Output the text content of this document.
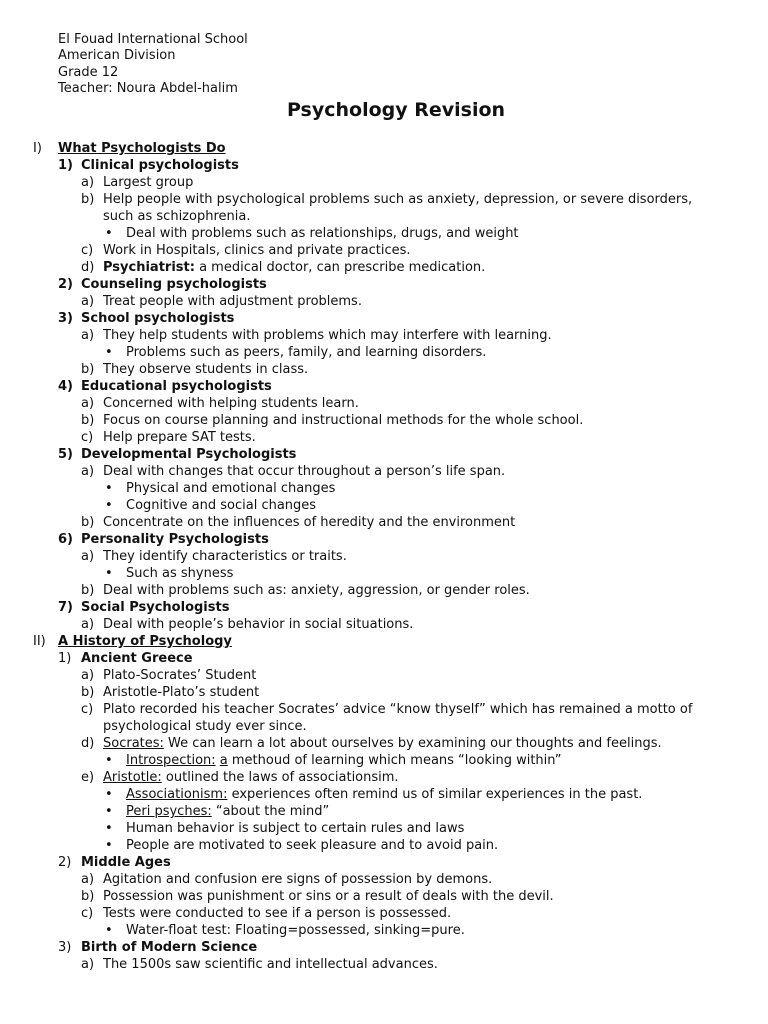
El Fouad International School
American Division
Grade 12
Teacher: Noura Abdel-halim
Psychology Revision
I) What Psychologists Do
1) Clinical psychologists
a) Largest group
b) Help people with psychological problems such as anxiety, depression, or severe disorders,
such as schizophrenia.
• Deal with problems such as relationships, drugs, and weight
c) Work in Hospitals, clinics and private practices.
d) Psychiatrist: a medical doctor, can prescribe medication.
2) Counseling psychologists
a) Treat people with adjustment problems.
3) School psychologists
a) They help students with problems which may interfere with learning.
• Problems such as peers, family, and learning disorders.
b) They observe students in class.
4) Educational psychologists
a) Concerned with helping students learn.
b) Focus on course planning and instructional methods for the whole school.
c) Help prepare SAT tests.
5) Developmental Psychologists
a) Deal with changes that occur throughout a person’s life span.
• Physical and emotional changes
• Cognitive and social changes
b) Concentrate on the influences of heredity and the environment
6) Personality Psychologists
a) They identify characteristics or traits.
• Such as shyness
b) Deal with problems such as: anxiety, aggression, or gender roles.
7) Social Psychologists
a) Deal with people’s behavior in social situations.
II) A History of Psychology
1) Ancient Greece
a) Plato-Socrates’ Student
b) Aristotle-Plato’s student
c) Plato recorded his teacher Socrates’ advice “know thyself” which has remained a motto of
psychological study ever since.
d) Socrates: We can learn a lot about ourselves by examining our thoughts and feelings.
• Introspection: a methoud of learning which means “looking within”
e) Aristotle: outlined the laws of associationsim.
• Associationism: experiences often remind us of similar experiences in the past.
• Peri psyches: “about the mind”
• Human behavior is subject to certain rules and laws
• People are motivated to seek pleasure and to avoid pain.
2) Middle Ages
a) Agitation and confusion ere signs of possession by demons.
b) Possession was punishment or sins or a result of deals with the devil.
c) Tests were conducted to see if a person is possessed.
• Water-float test: Floating=possessed, sinking=pure.
3) Birth of Modern Science
a) The 1500s saw scientific and intellectual advances.
